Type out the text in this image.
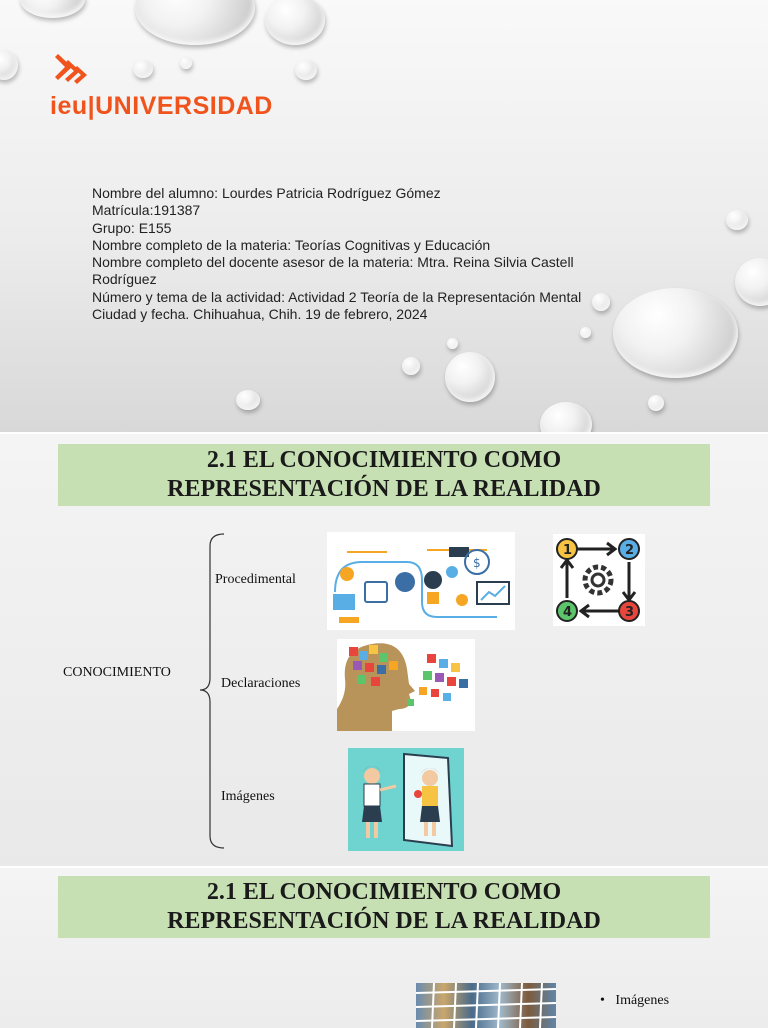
ieu|UNIVERSIDAD
Nombre del alumno: Lourdes Patricia Rodríguez Gómez
Matrícula:191387
Grupo: E155
Nombre completo de la materia: Teorías Cognitivas y Educación
Nombre completo del docente asesor de la materia: Mtra. Reina Silvia Castell Rodríguez
Número y tema de la actividad: Actividad 2 Teoría de la Representación Mental
Ciudad y fecha. Chihuahua, Chih. 19 de febrero, 2024
2.1 EL CONOCIMIENTO COMO
REPRESENTACIÓN DE LA REALIDAD
CONOCIMIENTO
Procedimental
Declaraciones
Imágenes
$
1	2
3
4
2.1 EL CONOCIMIENTO COMO
REPRESENTACIÓN DE LA REALIDAD
• Imágenes
